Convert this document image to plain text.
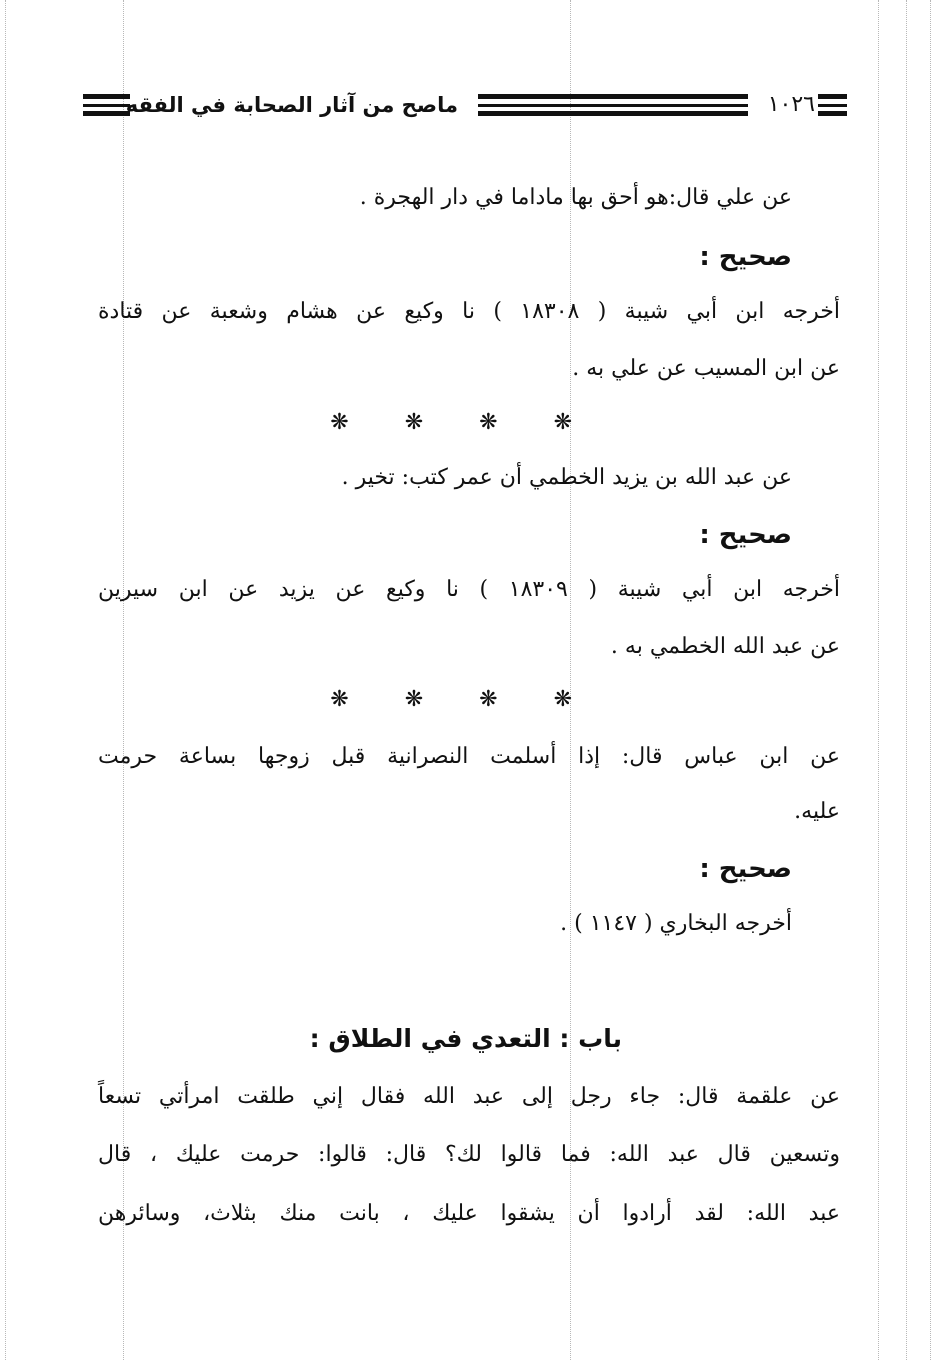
ماصح من آثار الصحابة في الفقه	١٠٢٦
عن علي قال:هو أحق بها ماداما في دار الهجرة .
صحيح :
أخرجه ابن أبي شيبة ( ١٨٣٠٨ ) نا وكيع عن هشام وشعبة عن قتادة
عن ابن المسيب عن علي به .
❋
❋
❋
❋
عن عبد الله بن يزيد الخطمي أن عمر كتب: تخير .
صحيح :
أخرجه ابن أبي شيبة ( ١٨٣٠٩ ) نا وكيع عن يزيد عن ابن سيرين
عن عبد الله الخطمي به .
❋
❋
❋
❋
عن ابن عباس قال: إذا أسلمت النصرانية قبل زوجها بساعة حرمت
عليه.
صحيح :
أخرجه البخاري ( ١١٤٧ ) .
باب : التعدي في الطلاق :
عن علقمة قال: جاء رجل إلى عبد الله فقال إني طلقت امرأتي تسعاً
وتسعين قال عبد الله: فما قالوا لك؟ قال: قالوا: حرمت عليك ، قال
عبد الله: لقد أرادوا أن يشقوا عليك ، بانت منك بثلاث، وسائرهن
